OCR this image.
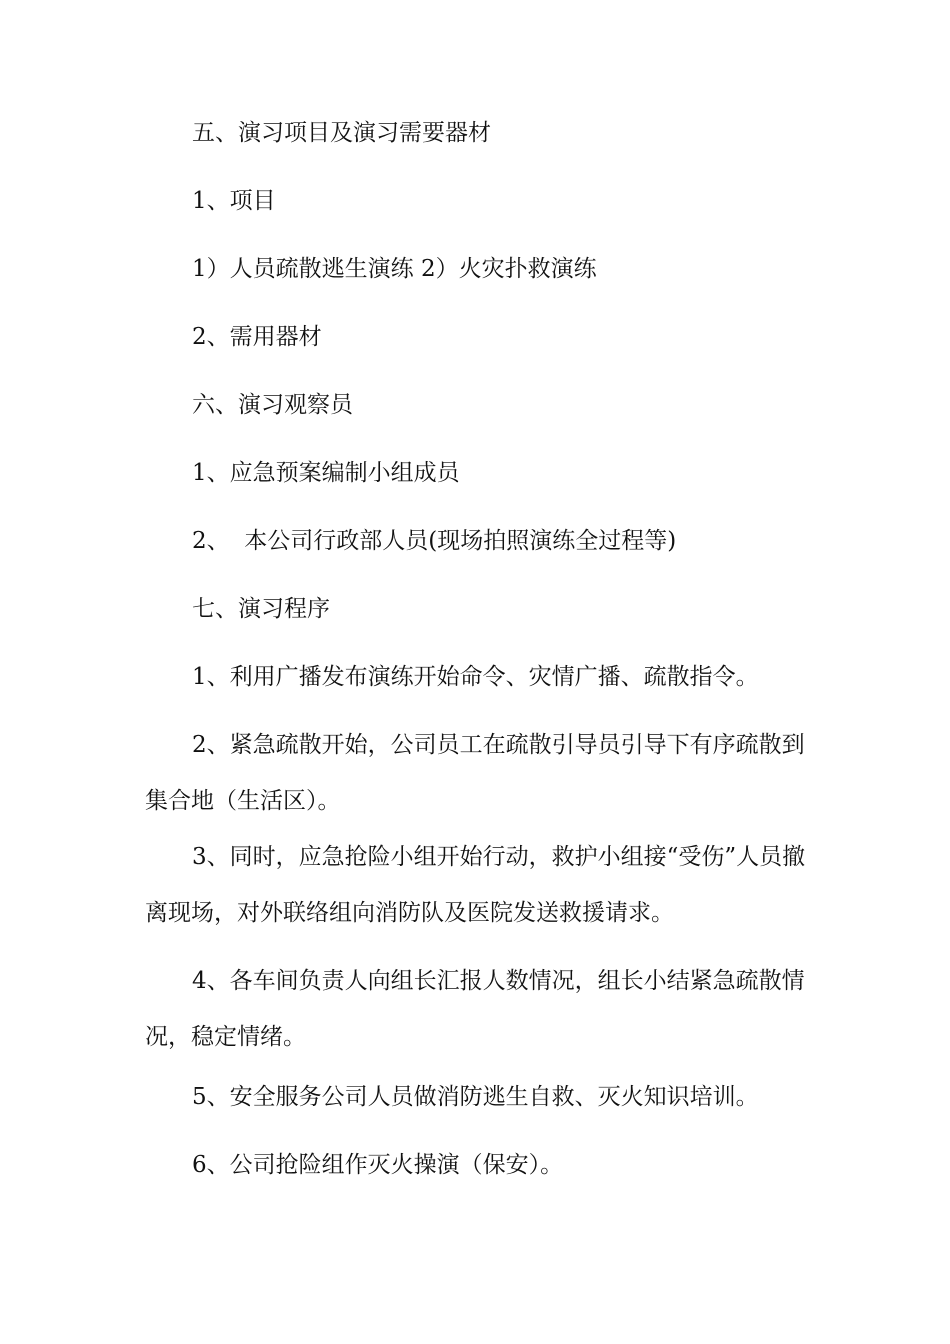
五、演习项目及演习需要器材

1、项目

1）人员疏散逃生演练 2）火灾扑救演练

2、需用器材

六、演习观察员

1、应急预案编制小组成员

2、  本公司行政部人员(现场拍照演练全过程等)

七、演习程序

1、利用广播发布演练开始命令、灾情广播、疏散指令。

2、紧急疏散开始，公司员工在疏散引导员引导下有序疏散到集合地（生活区）。

3、同时，应急抢险小组开始行动，救护小组接“受伤”人员撤离现场，对外联络组向消防队及医院发送救援请求。

4、各车间负责人向组长汇报人数情况，组长小结紧急疏散情况，稳定情绪。

5、安全服务公司人员做消防逃生自救、灭火知识培训。

6、公司抢险组作灭火操演（保安）。
